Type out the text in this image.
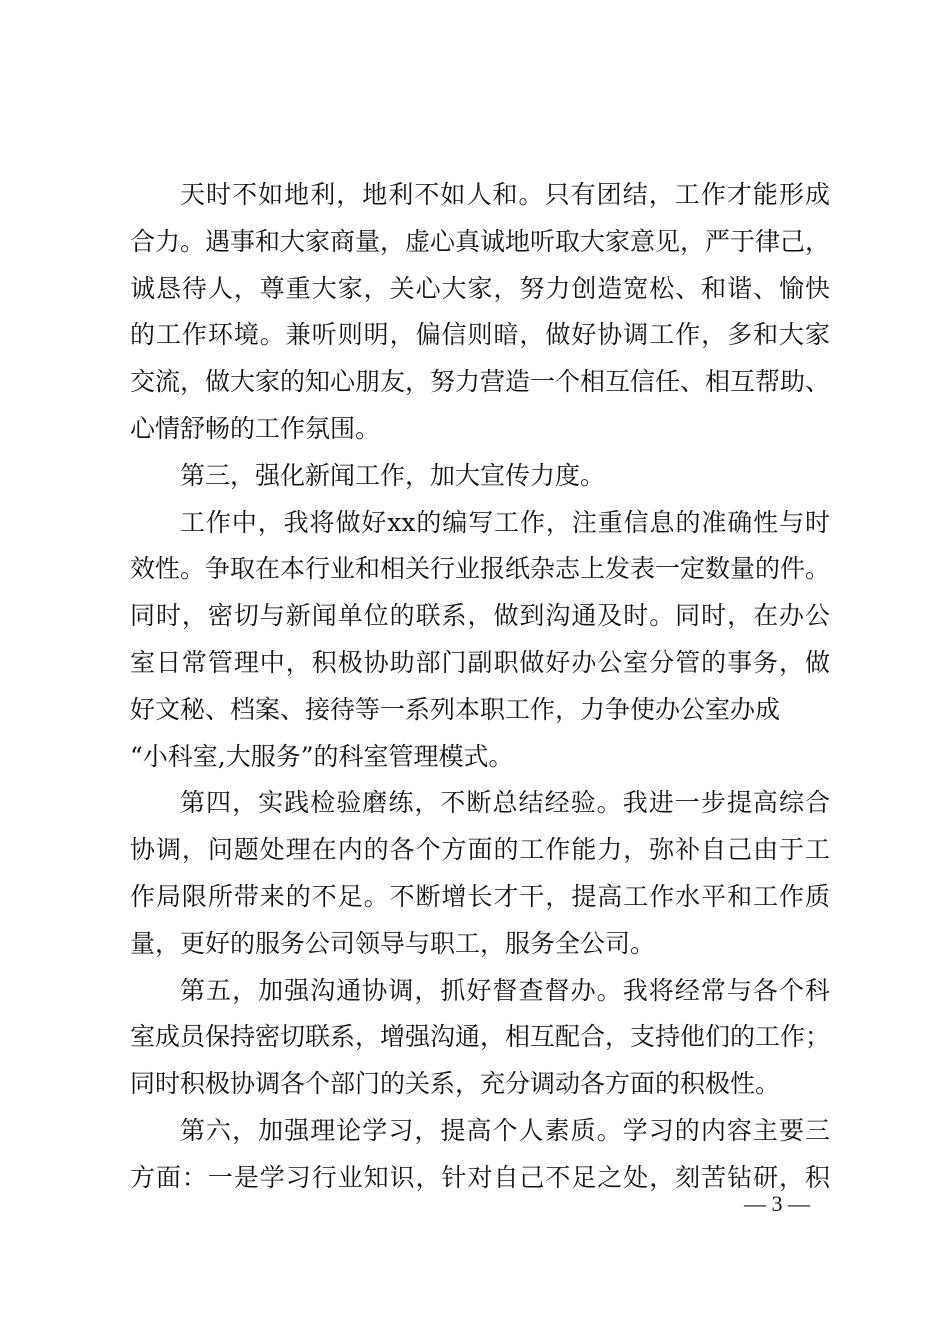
天时不如地利，地利不如人和。只有团结，工作才能形成
合力。遇事和大家商量，虚心真诚地听取大家意见，严于律己，
诚恳待人，尊重大家，关心大家，努力创造宽松、和谐、愉快
的工作环境。兼听则明，偏信则暗，做好协调工作，多和大家
交流，做大家的知心朋友，努力营造一个相互信任、相互帮助、
心情舒畅的工作氛围。
第三，强化新闻工作，加大宣传力度。
工作中，我将做好xx的编写工作，注重信息的准确性与时
效性。争取在本行业和相关行业报纸杂志上发表一定数量的件。
同时，密切与新闻单位的联系，做到沟通及时。同时，在办公
室日常管理中，积极协助部门副职做好办公室分管的事务，做
好文秘、档案、接待等一系列本职工作，力争使办公室办成
“小科室,大服务”的科室管理模式。
第四，实践检验磨练，不断总结经验。我进一步提高综合
协调，问题处理在内的各个方面的工作能力，弥补自己由于工
作局限所带来的不足。不断增长才干，提高工作水平和工作质
量，更好的服务公司领导与职工，服务全公司。
第五，加强沟通协调，抓好督查督办。我将经常与各个科
室成员保持密切联系，增强沟通，相互配合，支持他们的工作；
同时积极协调各个部门的关系，充分调动各方面的积极性。
第六，加强理论学习，提高个人素质。学习的内容主要三
方面：一是学习行业知识，针对自己不足之处，刻苦钻研，积
— 3 —
